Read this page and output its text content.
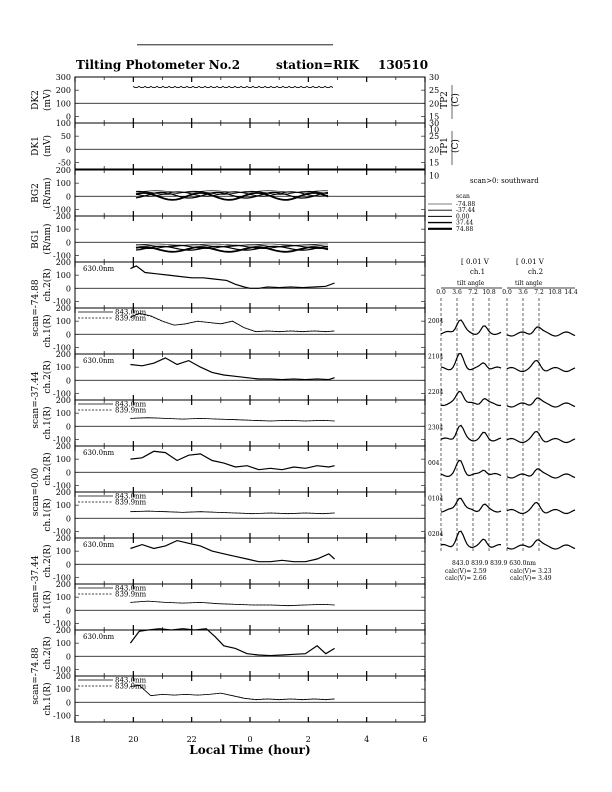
Tilting Photometer No.2	station=RIK 130510
300
200
100
0
DK2 (mV)
30
25
20
15
10
TP2 (C)
100
50
0
-50
DK1 (mV)
30
25
20
15
10
TP1 (C)
200
100
0
-100
BG2 (R/nm)
200
100
0
-100
BG1 (R/nm)
200
100
0
-100
scan=-74.88 ch.2(R)	630.0nm
200
100
0
-100
ch.1(R)
843.0nm
839.9nm
200
100
0
-100
scan=-37.44 ch.2(R)	630.0nm
200
100
0
-100
ch.1(R)
843.0nm
839.9nm
200
100
0
-100
scan=0.00 ch.2(R)	630.0nm
200
100
0
-100
ch.1(R)
843.0nm
839.9nm
200
100
0
-100
scan=-37.44 ch.2(R)	630.0nm
200
100
0
-100
ch.1(R)
843.0nm
839.9nm
200
100
0
-100
scan=-74.88 ch.2(R)	630.0nm
200
100
0
-100
ch.1(R)
843.0nm
839.9nm
18	20	22	0	2	4	6
Local Time (hour)
scan>0: southward
scan
-74.88
-37.44
0.00
37.44
74.88
[ 0.01 V	[ 0.01 V
ch.1	ch.2
tilt angle	tilt angle
0.0 3.6 7.2 10.8 0.0 3.6 7.2 10.8 14.4
2004
2104
2204
2304
004
0104
0204
843.0 839.9 839.9 630.0nm
calc(V)= 2.59
calc(V)= 2.66
calc(V)= 3.23
calc(V)= 3.49
